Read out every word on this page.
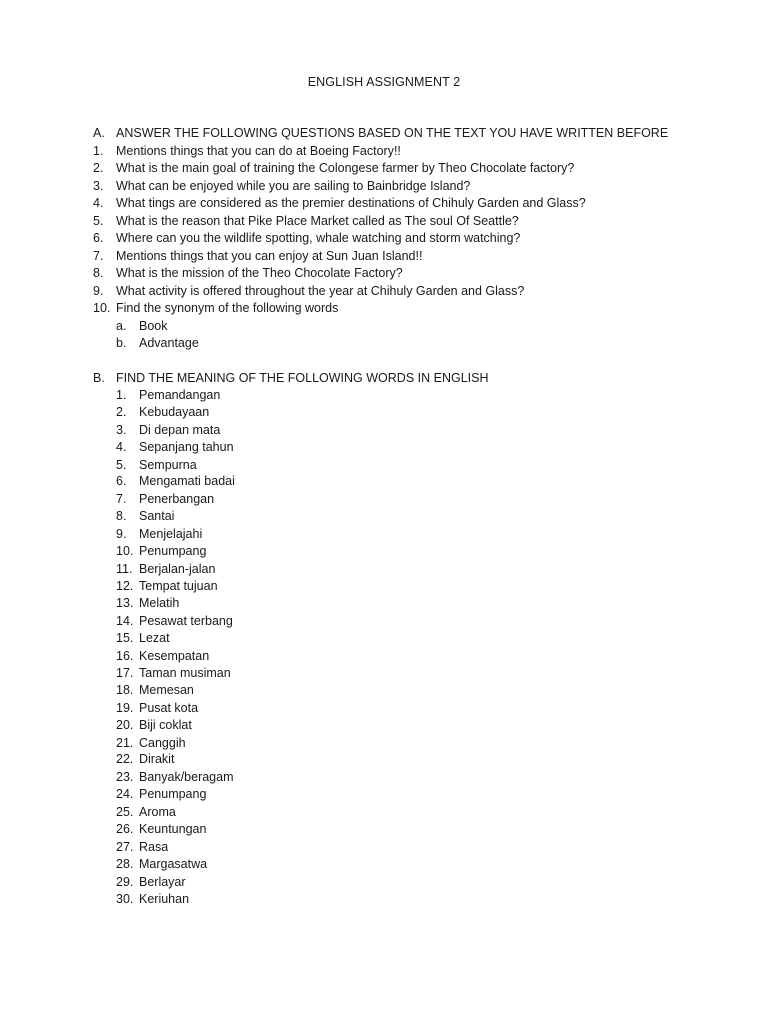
ENGLISH ASSIGNMENT 2
A. ANSWER THE FOLLOWING QUESTIONS BASED ON THE TEXT YOU HAVE WRITTEN BEFORE
1. Mentions things that you can do at Boeing Factory!!
2. What is the main goal of training the Colongese farmer by Theo Chocolate factory?
3. What can be enjoyed while you are sailing to Bainbridge Island?
4. What tings are considered as the premier destinations of Chihuly Garden and Glass?
5. What is the reason that Pike Place Market called as The soul Of Seattle?
6. Where can you the wildlife spotting, whale watching and storm watching?
7. Mentions things that you can enjoy at Sun Juan Island!!
8. What is the mission of the Theo Chocolate Factory?
9. What activity is offered throughout the year at Chihuly Garden and Glass?
10. Find the synonym of the following words
a. Book
b. Advantage
B. FIND THE MEANING OF THE FOLLOWING WORDS IN ENGLISH
1. Pemandangan
2. Kebudayaan
3. Di depan mata
4. Sepanjang tahun
5. Sempurna
6. Mengamati badai
7. Penerbangan
8. Santai
9. Menjelajahi
10. Penumpang
11. Berjalan-jalan
12. Tempat tujuan
13. Melatih
14. Pesawat terbang
15. Lezat
16. Kesempatan
17. Taman musiman
18. Memesan
19. Pusat kota
20. Biji coklat
21. Canggih
22. Dirakit
23. Banyak/beragam
24. Penumpang
25. Aroma
26. Keuntungan
27. Rasa
28. Margasatwa
29. Berlayar
30. Keriuhan
